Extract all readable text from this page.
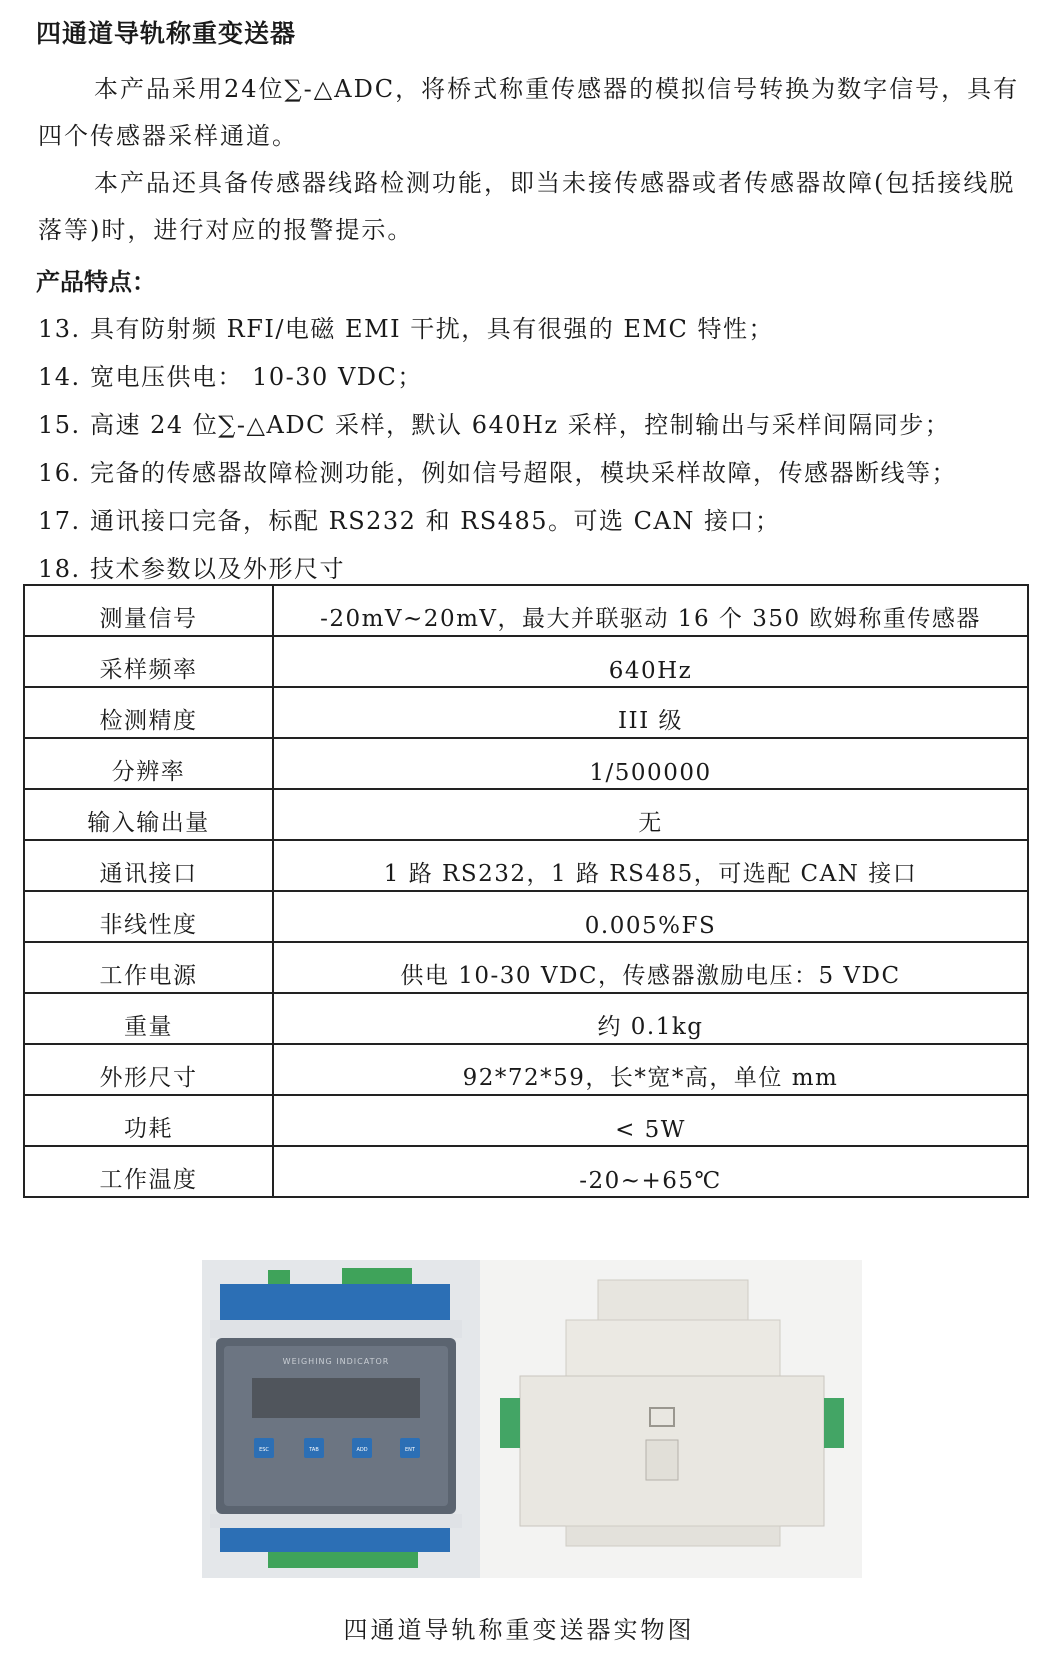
四通道导轨称重变送器
本产品采用24位∑-△ADC，将桥式称重传感器的模拟信号转换为数字信号，具有四个传感器采样通道。
本产品还具备传感器线路检测功能，即当未接传感器或者传感器故障(包括接线脱落等)时，进行对应的报警提示。
产品特点：
13. 具有防射频 RFI/电磁 EMI 干扰，具有很强的 EMC 特性；
14. 宽电压供电： 10-30 VDC；
15. 高速 24 位∑-△ADC 采样，默认 640Hz 采样，控制输出与采样间隔同步；
16. 完备的传感器故障检测功能，例如信号超限，模块采样故障，传感器断线等；
17. 通讯接口完备，标配 RS232 和 RS485。可选 CAN 接口；
18. 技术参数以及外形尺寸
测量信号	-20mV~20mV，最大并联驱动 16 个 350 欧姆称重传感器
采样频率	640Hz
检测精度	III 级
分辨率	1/500000
输入输出量	无
通讯接口	1 路 RS232，1 路 RS485，可选配 CAN 接口
非线性度	0.005%FS
工作电源	供电 10-30 VDC，传感器激励电压：5 VDC
重量	约 0.1kg
外形尺寸	92*72*59，长*宽*高，单位 mm
功耗	< 5W
工作温度	-20~+65℃
WEIGHING INDICATOR
ESC	TAB	ADD	ENT
四通道导轨称重变送器实物图
